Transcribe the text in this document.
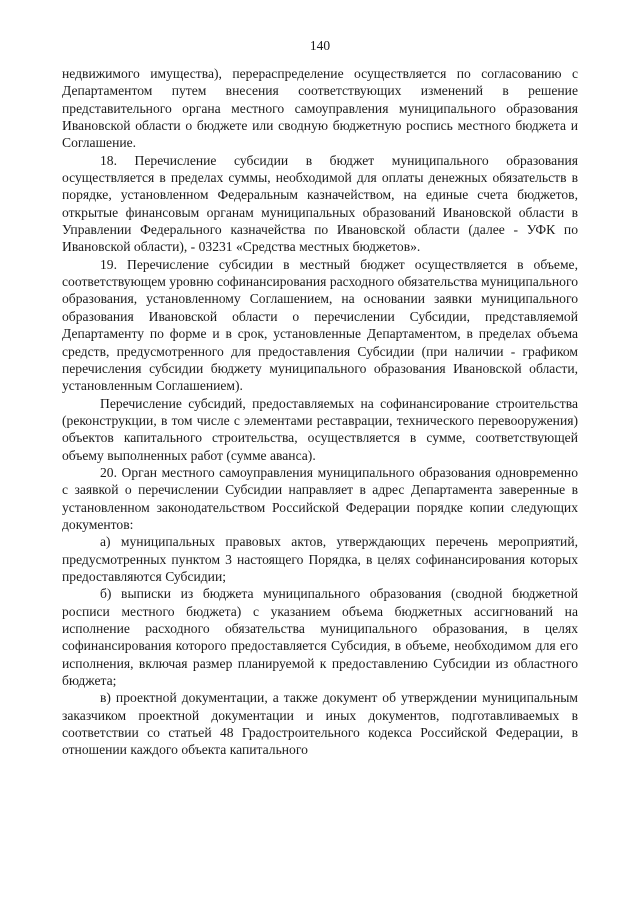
140

недвижимого имущества), перераспределение осуществляется по согласованию с Департаментом путем внесения соответствующих изменений в решение представительного органа местного самоуправления муниципального образования Ивановской области о бюджете или сводную бюджетную роспись местного бюджета и Соглашение.

18. Перечисление субсидии в бюджет муниципального образования осуществляется в пределах суммы, необходимой для оплаты денежных обязательств в порядке, установленном Федеральным казначейством, на единые счета бюджетов, открытые финансовым органам муниципальных образований Ивановской области в Управлении Федерального казначейства по Ивановской области (далее - УФК по Ивановской области), - 03231 «Средства местных бюджетов».

19. Перечисление субсидии в местный бюджет осуществляется в объеме, соответствующем уровню софинансирования расходного обязательства муниципального образования, установленному Соглашением, на основании заявки муниципального образования Ивановской области о перечислении Субсидии, представляемой Департаменту по форме и в срок, установленные Департаментом, в пределах объема средств, предусмотренного для предоставления Субсидии (при наличии - графиком перечисления субсидии бюджету муниципального образования Ивановской области, установленным Соглашением).

Перечисление субсидий, предоставляемых на софинансирование строительства (реконструкции, в том числе с элементами реставрации, технического перевооружения) объектов капитального строительства, осуществляется в сумме, соответствующей объему выполненных работ (сумме аванса).

20. Орган местного самоуправления муниципального образования одновременно с заявкой о перечислении Субсидии направляет в адрес Департамента заверенные в установленном законодательством Российской Федерации порядке копии следующих документов:

а) муниципальных правовых актов, утверждающих перечень мероприятий, предусмотренных пунктом 3 настоящего Порядка, в целях софинансирования которых предоставляются Субсидии;

б) выписки из бюджета муниципального образования (сводной бюджетной росписи местного бюджета) с указанием объема бюджетных ассигнований на исполнение расходного обязательства муниципального образования, в целях софинансирования которого предоставляется Субсидия, в объеме, необходимом для его исполнения, включая размер планируемой к предоставлению Субсидии из областного бюджета;

в) проектной документации, а также документ об утверждении муниципальным заказчиком проектной документации и иных документов, подготавливаемых в соответствии со статьей 48 Градостроительного кодекса Российской Федерации, в отношении каждого объекта капитального
